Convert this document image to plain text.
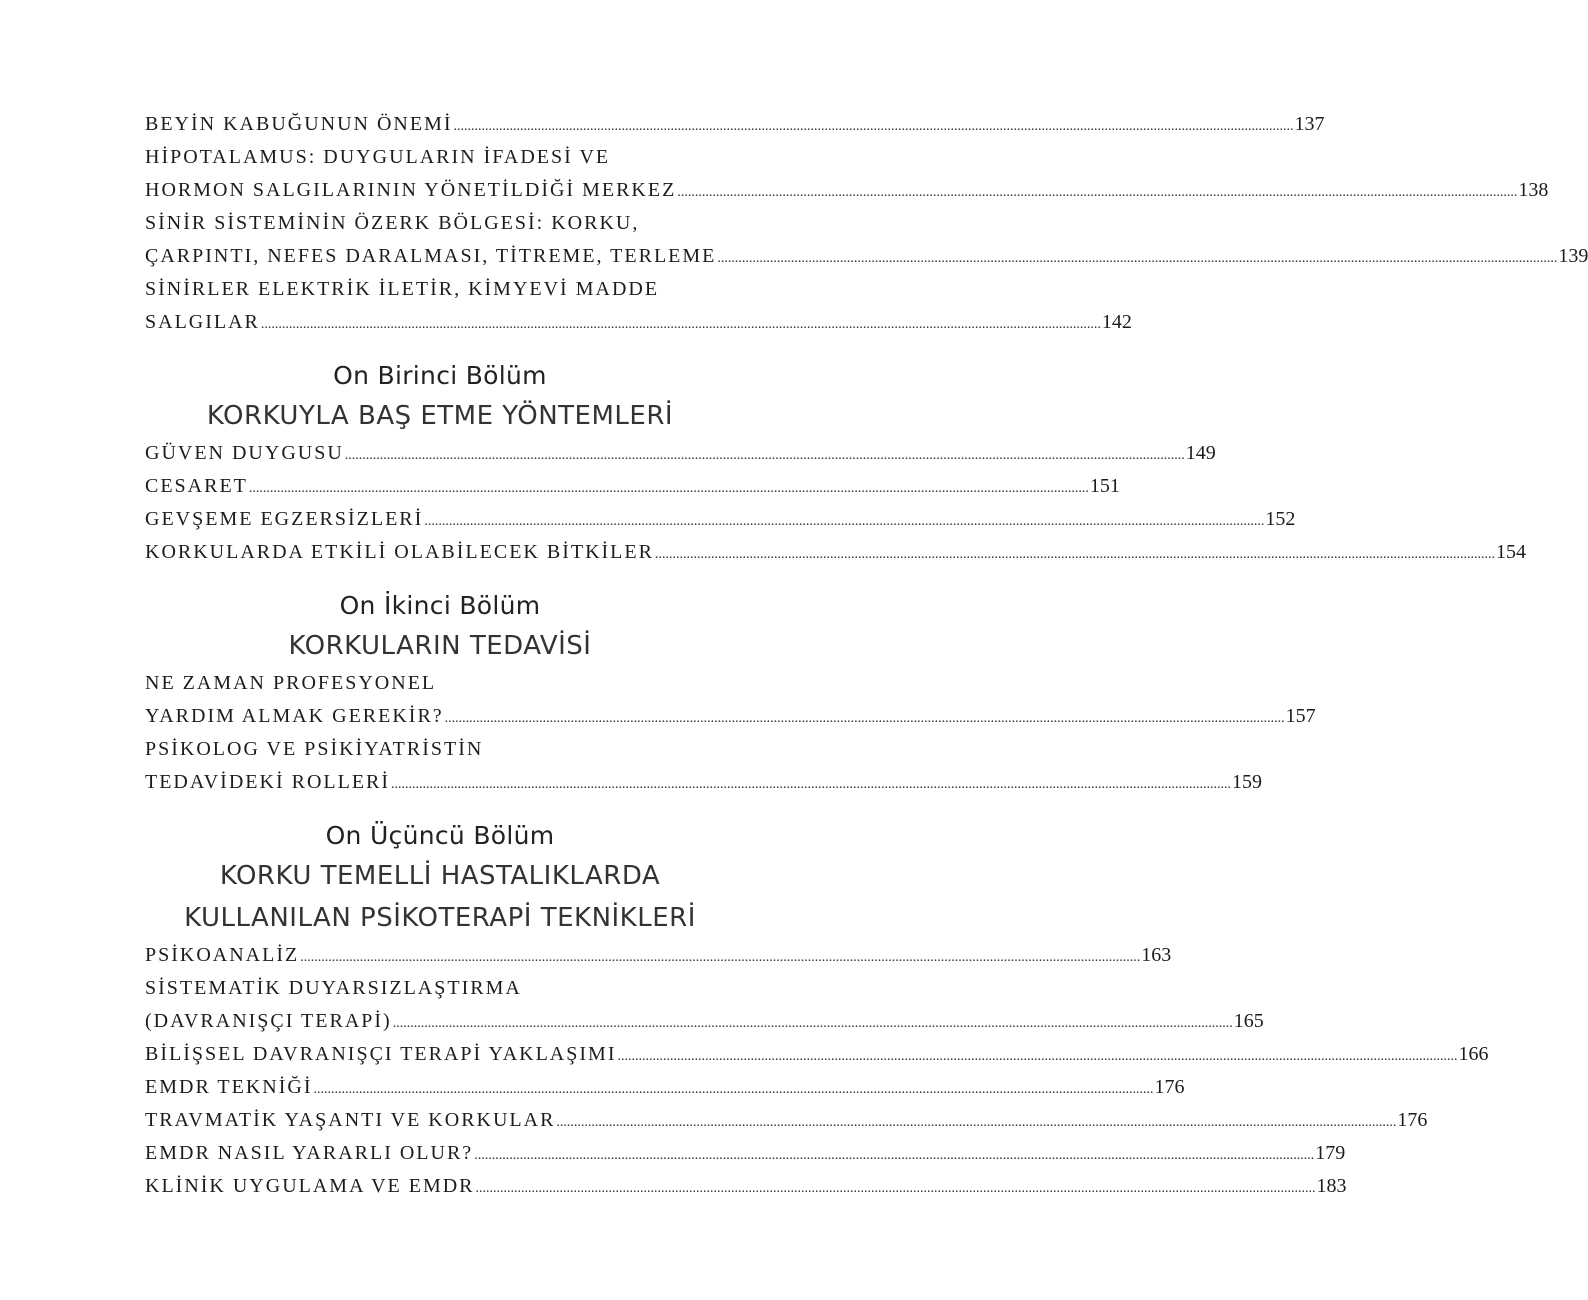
BEYİN KABUĞUNUN ÖNEMİ .....	137
HİPOTALAMUS: DUYGULARIN İFADESİ VE
HORMON SALGILARININ YÖNETİLDİĞİ MERKEZ .....	138
SİNİR SİSTEMİNİN ÖZERK BÖLGESİ: KORKU,
ÇARPINTI, NEFES DARALMASI, TİTREME, TERLEME .....	139
SİNİRLER ELEKTRİK İLETİR, KİMYEVİ MADDE
SALGILAR .....	142
On Birinci Bölüm
KORKUYLA BAŞ ETME YÖNTEMLERİ
GÜVEN DUYGUSU .....	149
CESARET .....	151
GEVŞEME EGZERSİZLERİ .....	152
KORKULARDA ETKİLİ OLABİLECEK BİTKİLER .....	154
On İkinci Bölüm
KORKULARIN TEDAVİSİ
NE ZAMAN PROFESYONEL
YARDIM ALMAK GEREKİR? .....	157
PSİKOLOG VE PSİKİYATRİSTİN
TEDAVİDEKİ ROLLERİ .....	159
On Üçüncü Bölüm
KORKU TEMELLİ HASTALIKLARDA
KULLANILAN PSİKOTERAPİ TEKNİKLERİ
PSİKOANALİZ .....	163
SİSTEMATİK DUYARSIZLAŞTIRMA
(DAVRANIŞÇI TERAPİ) .....	165
BİLİŞSEL DAVRANIŞÇI TERAPİ YAKLAŞIMI .....	166
EMDR TEKNİĞİ .....	176
TRAVMATİK YAŞANTI VE KORKULAR .....	176
EMDR NASIL YARARLI OLUR? .....	179
KLİNİK UYGULAMA VE EMDR .....	183
